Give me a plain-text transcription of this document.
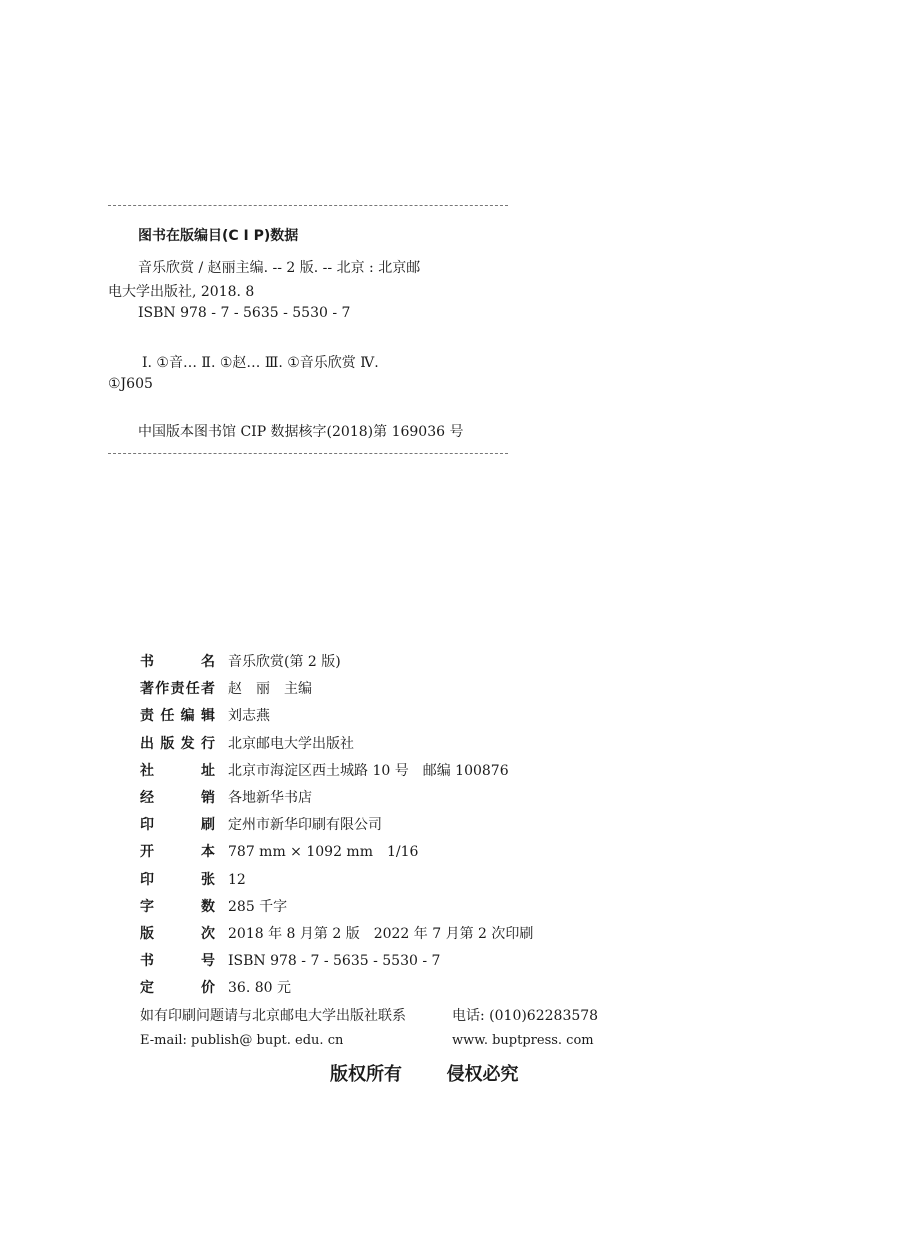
图书在版编目(C I P)数据
音乐欣赏 / 赵丽主编. -- 2 版. -- 北京 : 北京邮
电大学出版社, 2018. 8
ISBN 978 - 7 - 5635 - 5530 - 7
Ⅰ. ①音… Ⅱ. ①赵… Ⅲ. ①音乐欣赏 Ⅳ.
①J605
中国版本图书馆 CIP 数据核字(2018)第 169036 号
书	名 音乐欣赏(第 2 版)
著 作 责 任 者 赵　丽　主编
责 任 编 辑 刘志燕
出 版 发 行 北京邮电大学出版社
社	址 北京市海淀区西土城路 10 号　邮编 100876
经	销 各地新华书店
印	刷 定州市新华印刷有限公司
开	本 787 mm × 1092 mm　1/16
印	张 12
字	数 285 千字
版	次 2018 年 8 月第 2 版　2022 年 7 月第 2 次印刷
书	号 ISBN 978 - 7 - 5635 - 5530 - 7
定	价 36. 80 元
如有印刷问题请与北京邮电大学出版社联系	电话: (010)62283578
E-mail: publish@ bupt. edu. cn	www. buptpress. com
版权所有 侵权必究
